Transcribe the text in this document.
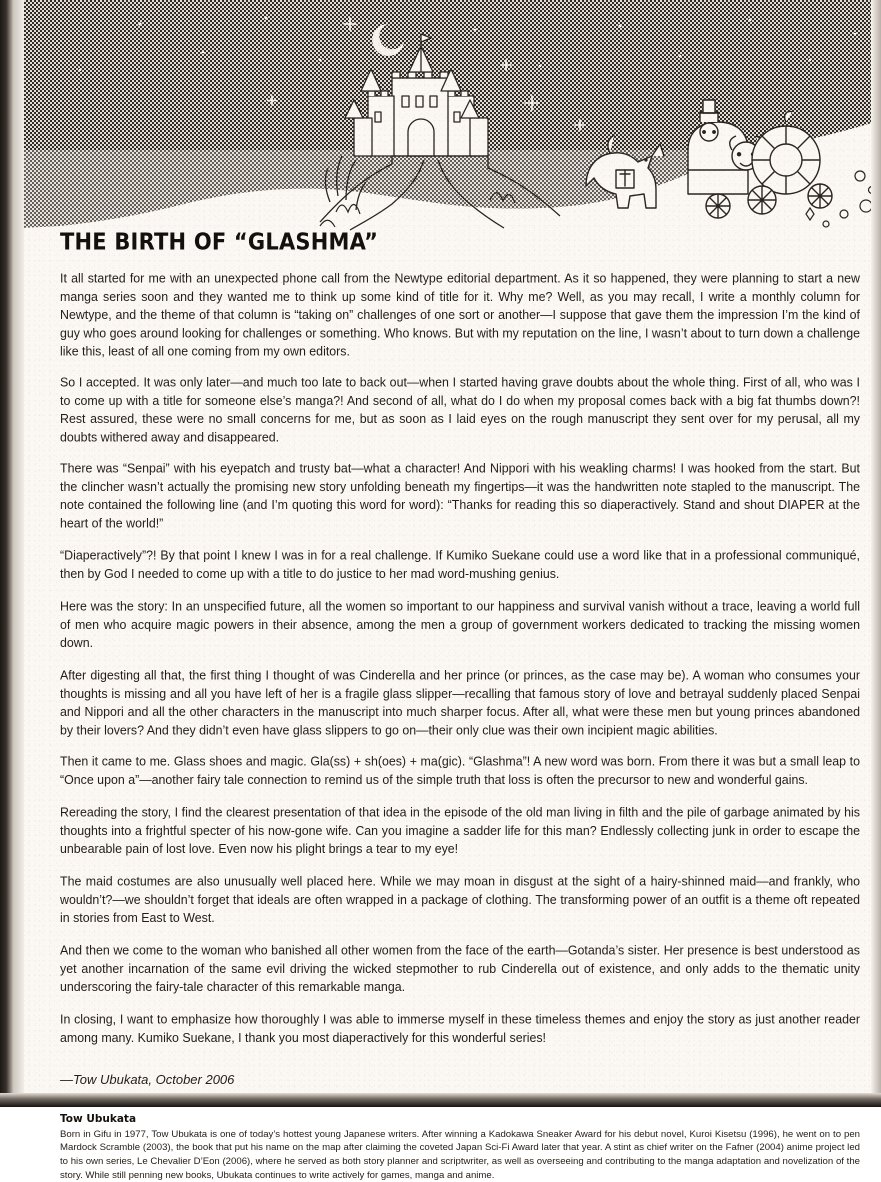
THE BIRTH OF “GLASHMA”

It all started for me with an unexpected phone call from the Newtype editorial department. As it so happened, they were planning to start a new manga series soon and they wanted me to think up some kind of title for it. Why me? Well, as you may recall, I write a monthly column for Newtype, and the theme of that column is “taking on” challenges of one sort or another—I suppose that gave them the impression I’m the kind of guy who goes around looking for challenges or something. Who knows. But with my reputation on the line, I wasn’t about to turn down a challenge like this, least of all one coming from my own editors.

So I accepted. It was only later—and much too late to back out—when I started having grave doubts about the whole thing. First of all, who was I to come up with a title for someone else’s manga?! And second of all, what do I do when my proposal comes back with a big fat thumbs down?! Rest assured, these were no small concerns for me, but as soon as I laid eyes on the rough manuscript they sent over for my perusal, all my doubts withered away and disappeared.

There was “Senpai” with his eyepatch and trusty bat—what a character! And Nippori with his weakling charms! I was hooked from the start. But the clincher wasn’t actually the promising new story unfolding beneath my fingertips—it was the handwritten note stapled to the manuscript. The note contained the following line (and I’m quoting this word for word): “Thanks for reading this so diaperactively. Stand and shout DIAPER at the heart of the world!”

“Diaperactively”?! By that point I knew I was in for a real challenge. If Kumiko Suekane could use a word like that in a professional communiqué, then by God I needed to come up with a title to do justice to her mad word-mushing genius.

Here was the story: In an unspecified future, all the women so important to our happiness and survival vanish without a trace, leaving a world full of men who acquire magic powers in their absence, among the men a group of government workers dedicated to tracking the missing women down.

After digesting all that, the first thing I thought of was Cinderella and her prince (or princes, as the case may be). A woman who consumes your thoughts is missing and all you have left of her is a fragile glass slipper—recalling that famous story of love and betrayal suddenly placed Senpai and Nippori and all the other characters in the manuscript into much sharper focus. After all, what were these men but young princes abandoned by their lovers? And they didn’t even have glass slippers to go on—their only clue was their own incipient magic abilities.

Then it came to me. Glass shoes and magic. Gla(ss) + sh(oes) + ma(gic). “Glashma”! A new word was born. From there it was but a small leap to “Once upon a”—another fairy tale connection to remind us of the simple truth that loss is often the precursor to new and wonderful gains.

Rereading the story, I find the clearest presentation of that idea in the episode of the old man living in filth and the pile of garbage animated by his thoughts into a frightful specter of his now-gone wife. Can you imagine a sadder life for this man? Endlessly collecting junk in order to escape the unbearable pain of lost love. Even now his plight brings a tear to my eye!

The maid costumes are also unusually well placed here. While we may moan in disgust at the sight of a hairy-shinned maid—and frankly, who wouldn’t?—we shouldn’t forget that ideals are often wrapped in a package of clothing. The transforming power of an outfit is a theme oft repeated in stories from East to West.

And then we come to the woman who banished all other women from the face of the earth—Gotanda’s sister. Her presence is best understood as yet another incarnation of the same evil driving the wicked stepmother to rub Cinderella out of existence, and only adds to the thematic unity underscoring the fairy-tale character of this remarkable manga.

In closing, I want to emphasize how thoroughly I was able to immerse myself in these timeless themes and enjoy the story as just another reader among many. Kumiko Suekane, I thank you most diaperactively for this wonderful series!

—Tow Ubukata, October 2006
Tow Ubukata
Born in Gifu in 1977, Tow Ubukata is one of today’s hottest young Japanese writers. After winning a Kadokawa Sneaker Award for his debut novel, Kuroi Kisetsu (1996), he went on to pen Mardock Scramble (2003), the book that put his name on the map after claiming the coveted Japan Sci-Fi Award later that year. A stint as chief writer on the Fafner (2004) anime project led to his own series, Le Chevalier D’Eon (2006), where he served as both story planner and scriptwriter, as well as overseeing and contributing to the manga adaptation and novelization of the story. While still penning new books, Ubukata continues to write actively for games, manga and anime.
